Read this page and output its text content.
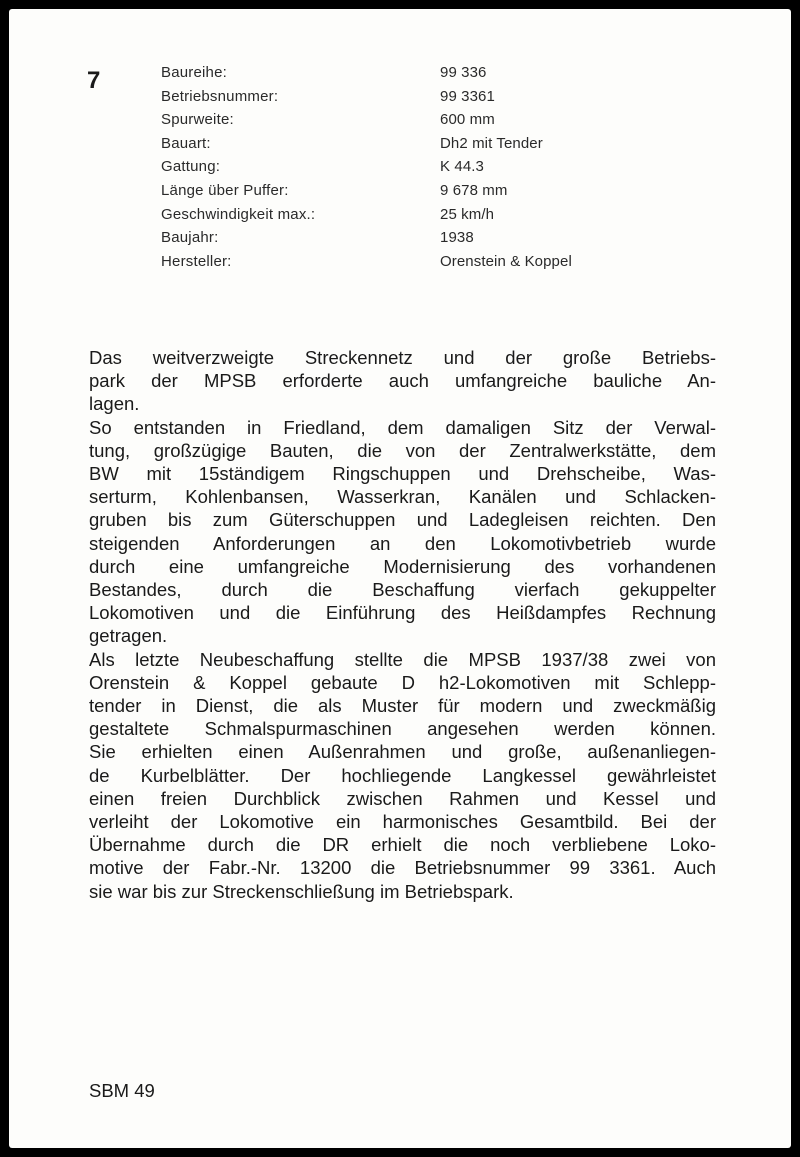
7	Baureihe:	99 336
Betriebsnummer:	99 3361
Spurweite:	600 mm
Bauart:	Dh2 mit Tender
Gattung:	K 44.3
Länge über Puffer:	9 678 mm
Geschwindigkeit max.:	25 km/h
Baujahr:	1938
Hersteller:	Orenstein & Koppel
Das weitverzweigte Streckennetz und der große Betriebs-
park der MPSB erforderte auch umfangreiche bauliche An-
lagen.
So entstanden in Friedland, dem damaligen Sitz der Verwal-
tung, großzügige Bauten, die von der Zentralwerkstätte, dem
BW mit 15ständigem Ringschuppen und Drehscheibe, Was-
serturm, Kohlenbansen, Wasserkran, Kanälen und Schlacken-
gruben bis zum Güterschuppen und Ladegleisen reichten. Den
steigenden Anforderungen an den Lokomotivbetrieb wurde
durch eine umfangreiche Modernisierung des vorhandenen
Bestandes, durch die Beschaffung vierfach gekuppelter
Lokomotiven und die Einführung des Heißdampfes Rechnung
getragen.
Als letzte Neubeschaffung stellte die MPSB 1937/38 zwei von
Orenstein & Koppel gebaute D h2-Lokomotiven mit Schlepp-
tender in Dienst, die als Muster für modern und zweckmäßig
gestaltete Schmalspurmaschinen angesehen werden können.
Sie erhielten einen Außenrahmen und große, außenanliegen-
de Kurbelblätter. Der hochliegende Langkessel gewährleistet
einen freien Durchblick zwischen Rahmen und Kessel und
verleiht der Lokomotive ein harmonisches Gesamtbild. Bei der
Übernahme durch die DR erhielt die noch verbliebene Loko-
motive der Fabr.-Nr. 13200 die Betriebsnummer 99 3361. Auch
sie war bis zur Streckenschließung im Betriebspark.

SBM 49
